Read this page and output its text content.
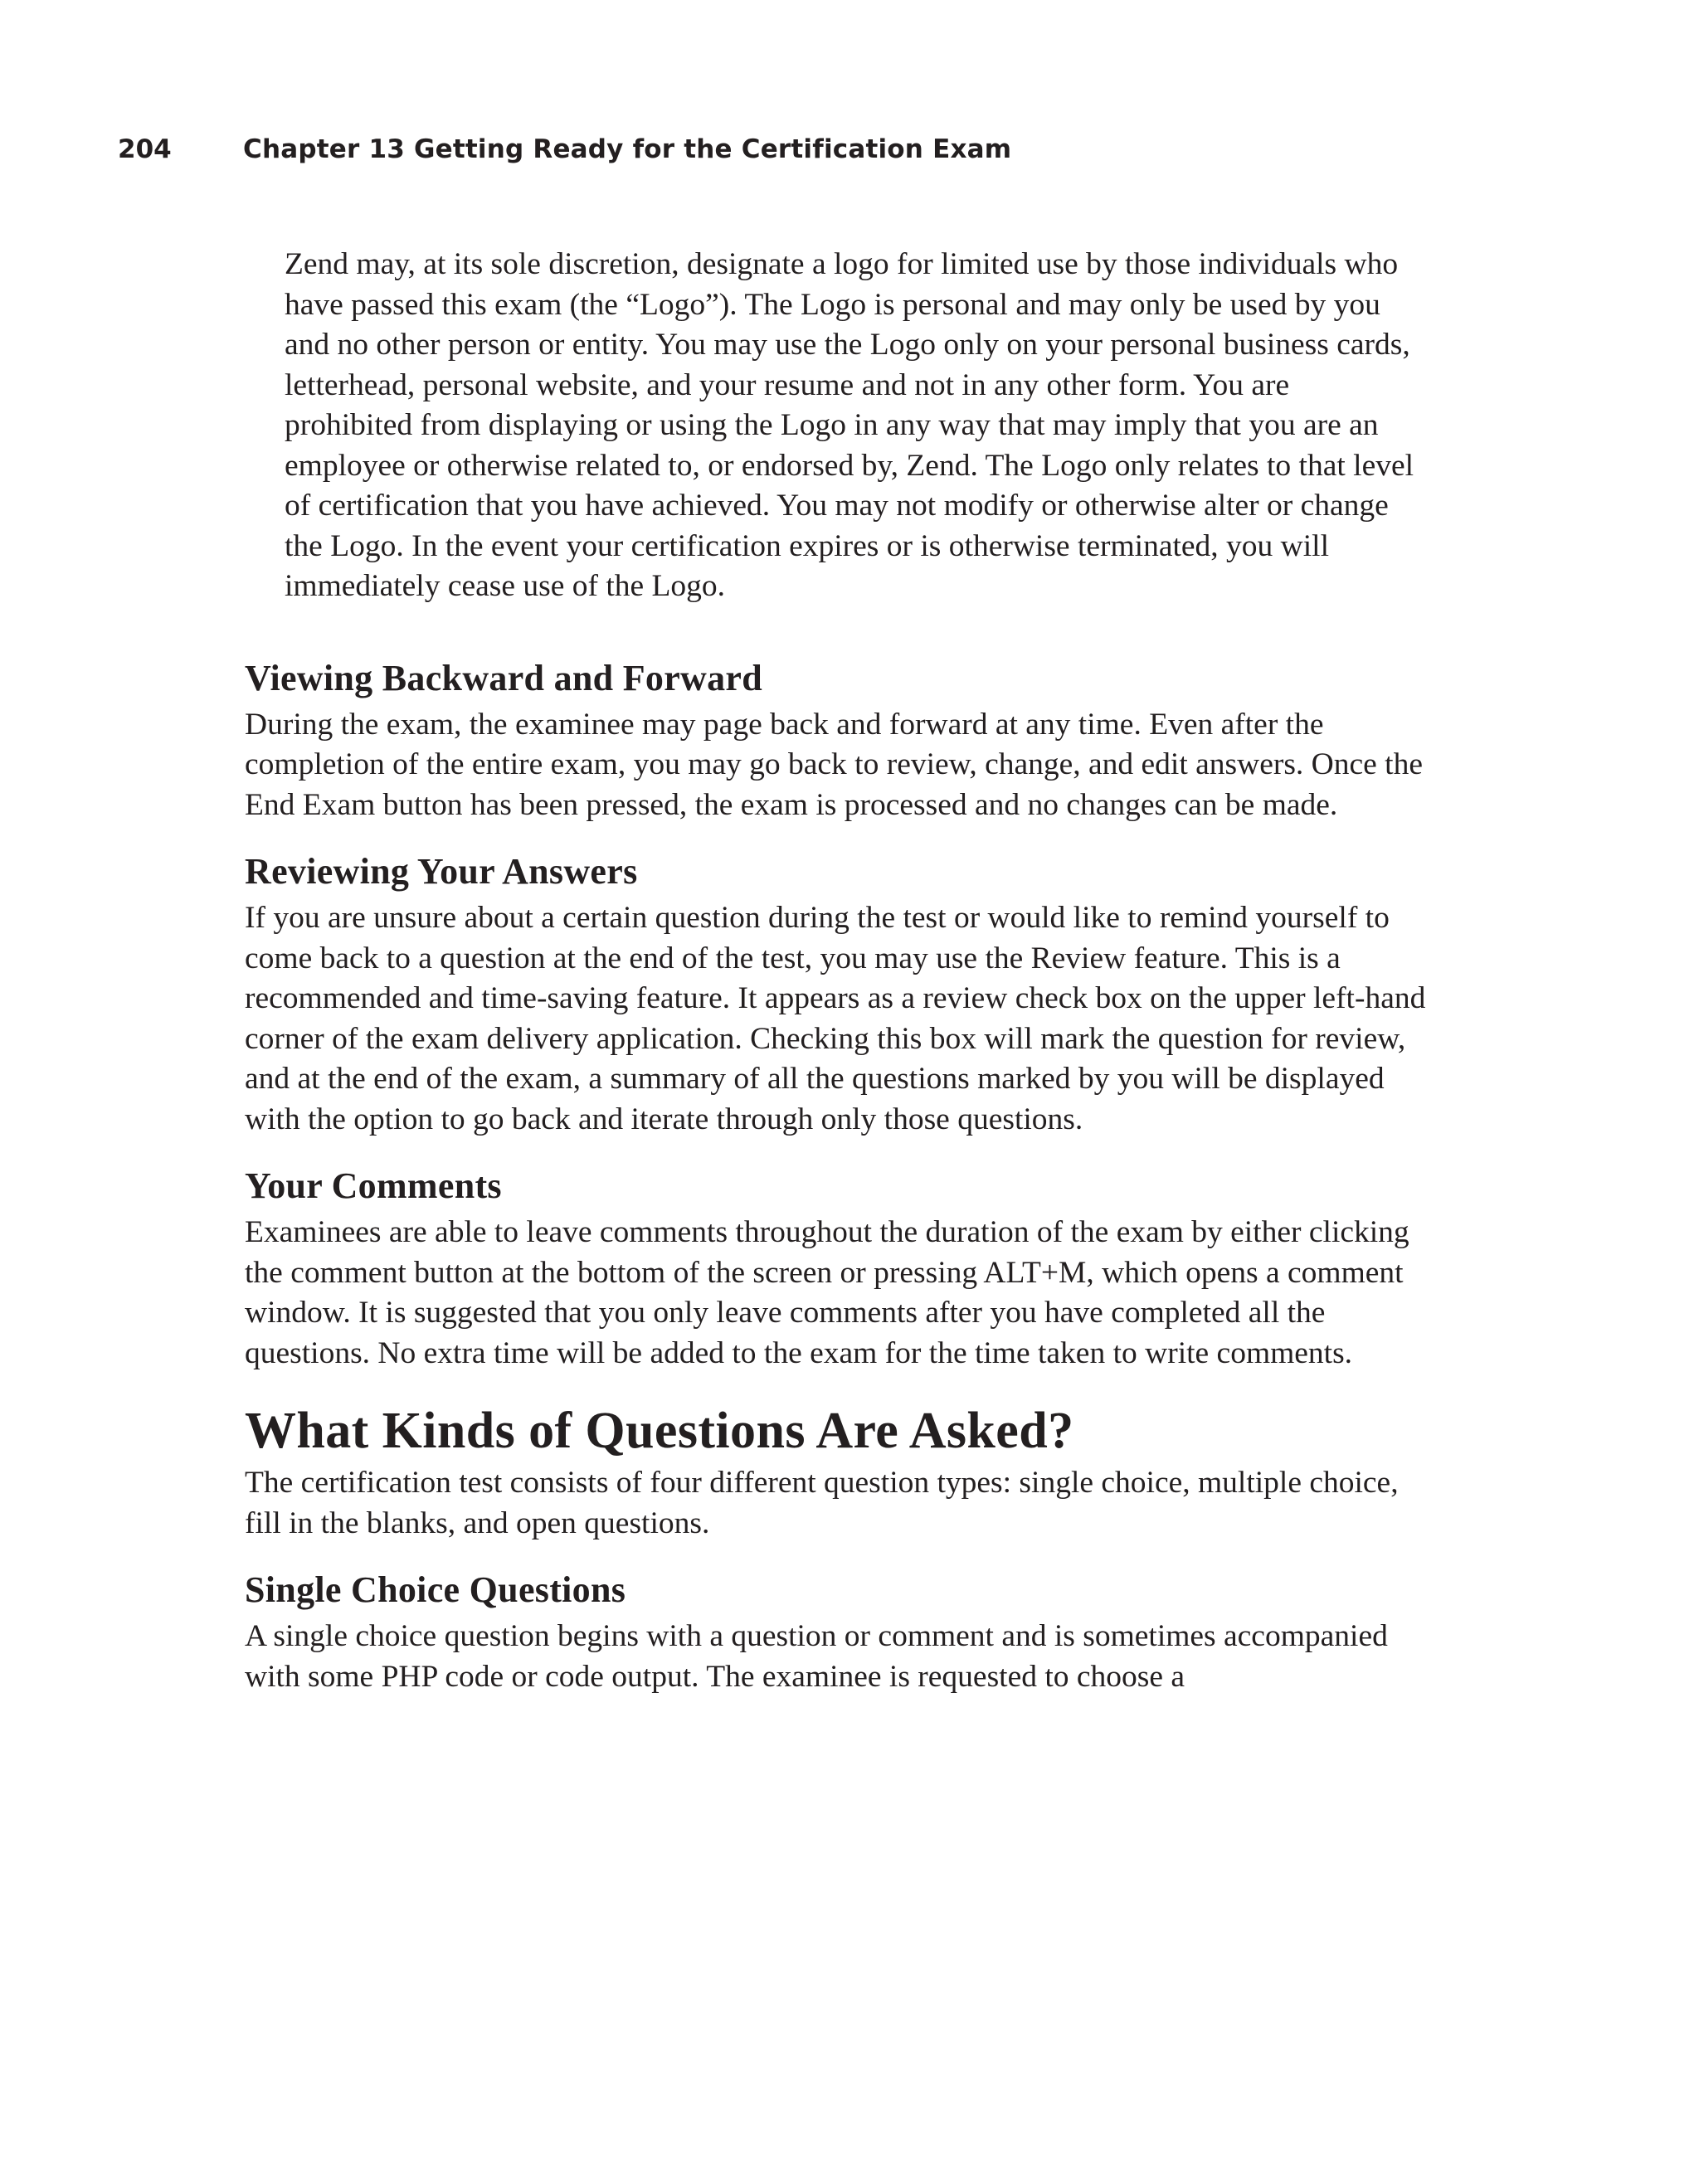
204	Chapter 13 Getting Ready for the Certification Exam

Zend may, at its sole discretion, designate a logo for limited use by those individuals who have passed this exam (the “Logo”). The Logo is personal and may only be used by you and no other person or entity. You may use the Logo only on your personal business cards, letterhead, personal website, and your resume and not in any other form. You are prohibited from displaying or using the Logo in any way that may imply that you are an employee or otherwise related to, or endorsed by, Zend. The Logo only relates to that level of certification that you have achieved. You may not modify or otherwise alter or change the Logo. In the event your certification expires or is otherwise terminated, you will immediately cease use of the Logo.

Viewing Backward and Forward

During the exam, the examinee may page back and forward at any time. Even after the completion of the entire exam, you may go back to review, change, and edit answers. Once the End Exam button has been pressed, the exam is processed and no changes can be made.

Reviewing Your Answers

If you are unsure about a certain question during the test or would like to remind yourself to come back to a question at the end of the test, you may use the Review feature. This is a recommended and time-saving feature. It appears as a review check box on the upper left-hand corner of the exam delivery application. Checking this box will mark the question for review, and at the end of the exam, a summary of all the questions marked by you will be displayed with the option to go back and iterate through only those questions.

Your Comments

Examinees are able to leave comments throughout the duration of the exam by either clicking the comment button at the bottom of the screen or pressing ALT+M, which opens a comment window. It is suggested that you only leave comments after you have completed all the questions. No extra time will be added to the exam for the time taken to write comments.

What Kinds of Questions Are Asked?

The certification test consists of four different question types: single choice, multiple choice, fill in the blanks, and open questions.

Single Choice Questions

A single choice question begins with a question or comment and is sometimes accompanied with some PHP code or code output. The examinee is requested to choose a
